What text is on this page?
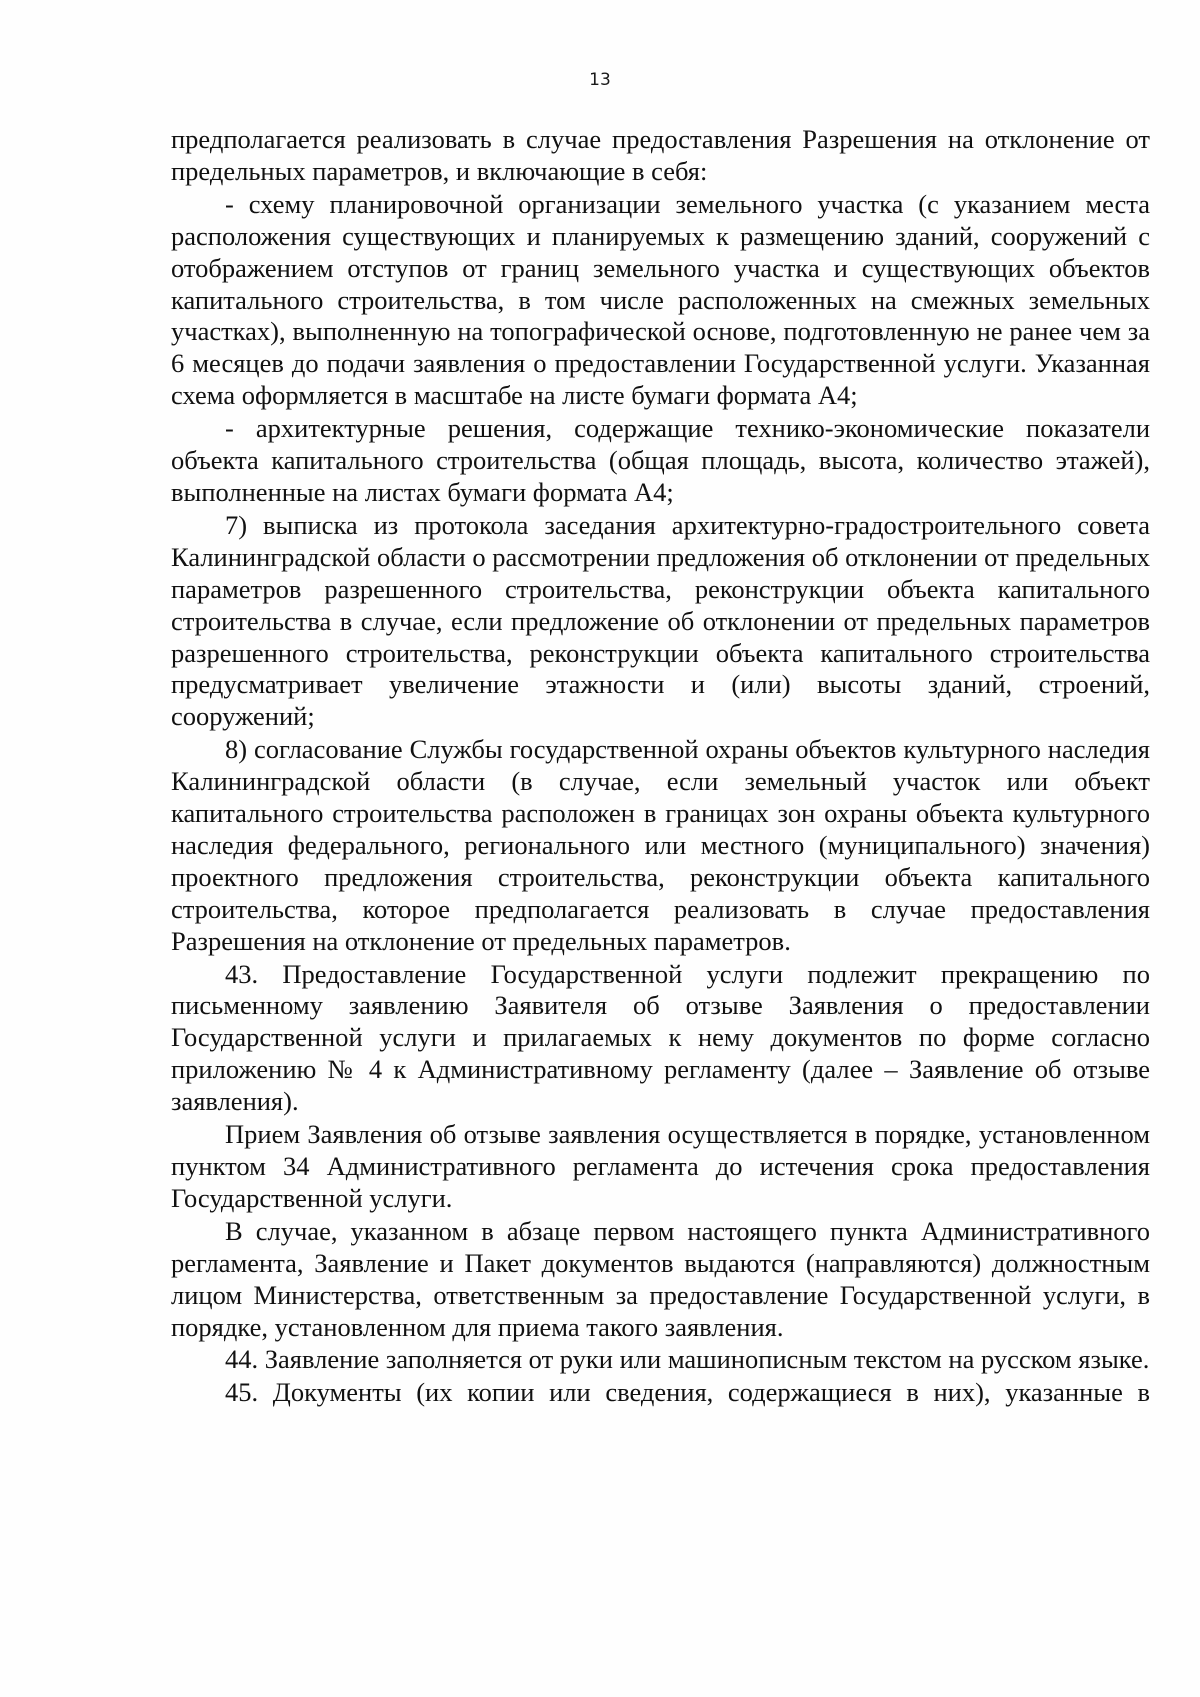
13

предполагается реализовать в случае предоставления Разрешения на отклонение от предельных параметров, и включающие в себя:

- схему планировочной организации земельного участка (с указанием места расположения существующих и планируемых к размещению зданий, сооружений с отображением отступов от границ земельного участка и существующих объектов капитального строительства, в том числе расположенных на смежных земельных участках), выполненную на топографической основе, подготовленную не ранее чем за 6 месяцев до подачи заявления о предоставлении Государственной услуги. Указанная схема оформляется в масштабе на листе бумаги формата А4;

- архитектурные решения, содержащие технико-экономические показатели объекта капитального строительства (общая площадь, высота, количество этажей), выполненные на листах бумаги формата А4;

7) выписка из протокола заседания архитектурно-градостроительного совета Калининградской области о рассмотрении предложения об отклонении от предельных параметров разрешенного строительства, реконструкции объекта капитального строительства в случае, если предложение об отклонении от предельных параметров разрешенного строительства, реконструкции объекта капитального строительства предусматривает увеличение этажности и (или) высоты зданий, строений, сооружений;

8) согласование Службы государственной охраны объектов культурного наследия Калининградской области (в случае, если земельный участок или объект капитального строительства расположен в границах зон охраны объекта культурного наследия федерального, регионального или местного (муниципального) значения) проектного предложения строительства, реконструкции объекта капитального строительства, которое предполагается реализовать в случае предоставления Разрешения на отклонение от предельных параметров.

43. Предоставление Государственной услуги подлежит прекращению по письменному заявлению Заявителя об отзыве Заявления о предоставлении Государственной услуги и прилагаемых к нему документов по форме согласно приложению № 4 к Административному регламенту (далее – Заявление об отзыве заявления).

Прием Заявления об отзыве заявления осуществляется в порядке, установленном пунктом 34 Административного регламента до истечения срока предоставления Государственной услуги.

В случае, указанном в абзаце первом настоящего пункта Административного регламента, Заявление и Пакет документов выдаются (направляются) должностным лицом Министерства, ответственным за предоставление Государственной услуги, в порядке, установленном для приема такого заявления.

44. Заявление заполняется от руки или машинописным текстом на русском языке.

45. Документы (их копии или сведения, содержащиеся в них), указанные в
